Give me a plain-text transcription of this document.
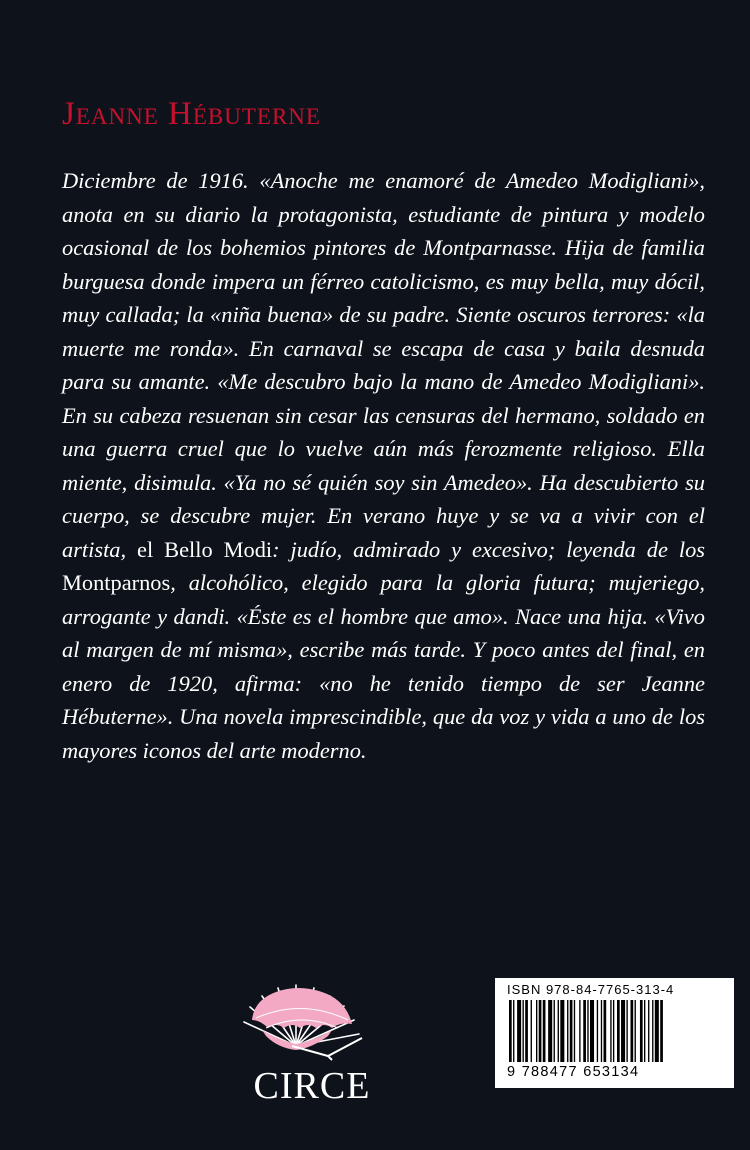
Jeanne Hébuterne

Diciembre de 1916. «Anoche me enamoré de Amedeo Modigliani», anota en su diario la protagonista, estudiante de pintura y modelo ocasional de los bohemios pintores de Montparnasse. Hija de familia burguesa donde impera un férreo catolicismo, es muy bella, muy dócil, muy callada; la «niña buena» de su padre. Siente oscuros terrores: «la muerte me ronda». En carnaval se escapa de casa y baila desnuda para su amante. «Me descubro bajo la mano de Amedeo Modigliani». En su cabeza resuenan sin cesar las censuras del hermano, soldado en una guerra cruel que lo vuelve aún más ferozmente religioso. Ella miente, disimula. «Ya no sé quién soy sin Amedeo». Ha descubierto su cuerpo, se descubre mujer. En verano huye y se va a vivir con el artista, el Bello Modi: judío, admirado y excesivo; leyenda de los Montparnos, alcohólico, elegido para la gloria futura; mujeriego, arrogante y dandi. «Éste es el hombre que amo». Nace una hija. «Vivo al margen de mí misma», escribe más tarde. Y poco antes del final, en enero de 1920, afirma: «no he tenido tiempo de ser Jeanne Hébuterne». Una novela imprescindible, que da voz y vida a uno de los mayores iconos del arte moderno.

CIRCE
ISBN 978-84-7765-313-4
9 788477 653134
